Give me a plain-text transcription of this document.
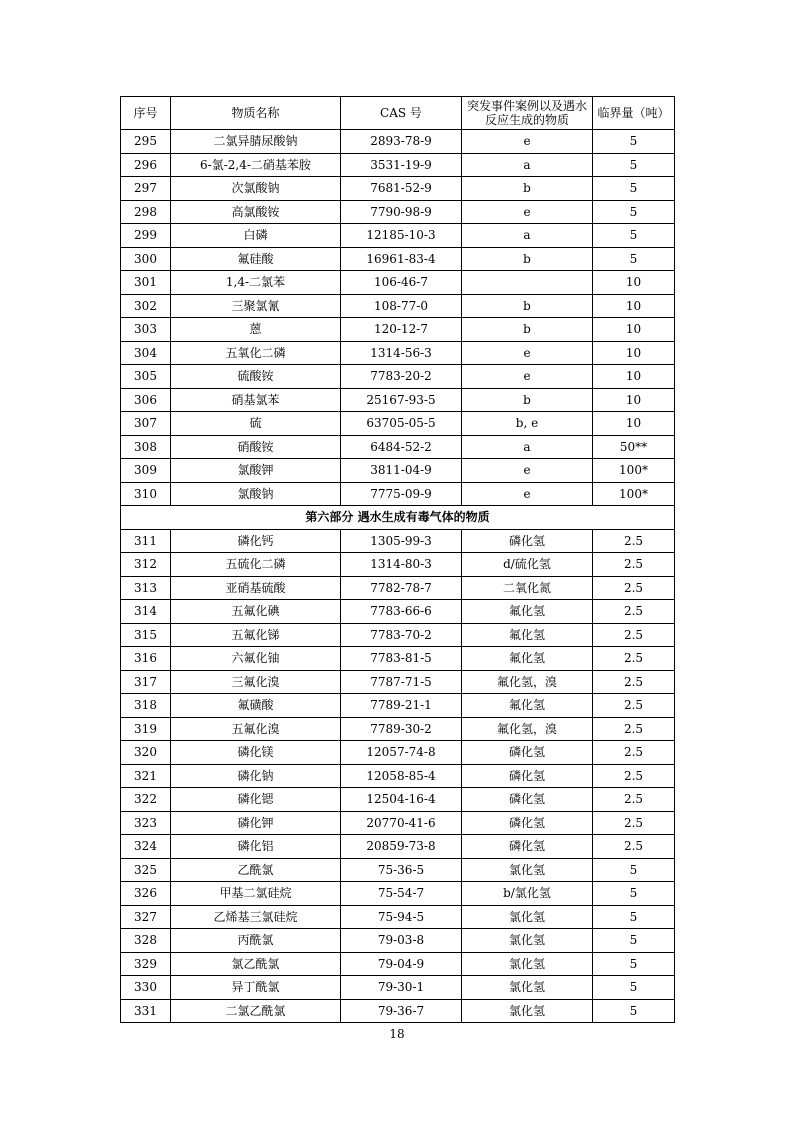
序号	物质名称	CAS 号	突发事件案例以及遇水反应生成的物质	临界量（吨）
295	二氯异腈尿酸钠	2893-78-9	e	5
296	6-氯-2,4-二硝基苯胺	3531-19-9	a	5
297	次氯酸钠	7681-52-9	b	5
298	高氯酸铵	7790-98-9	e	5
299	白磷	12185-10-3	a	5
300	氟硅酸	16961-83-4	b	5
301	1,4-二氯苯	106-46-7		10
302	三聚氯氰	108-77-0	b	10
303	蒽	120-12-7	b	10
304	五氧化二磷	1314-56-3	e	10
305	硫酸铵	7783-20-2	e	10
306	硝基氯苯	25167-93-5	b	10
307	硫	63705-05-5	b, e	10
308	硝酸铵	6484-52-2	a	50**
309	氯酸钾	3811-04-9	e	100*
310	氯酸钠	7775-09-9	e	100*
第六部分 遇水生成有毒气体的物质				
311	磷化钙	1305-99-3	磷化氢	2.5
312	五硫化二磷	1314-80-3	d/硫化氢	2.5
313	亚硝基硫酸	7782-78-7	二氧化氮	2.5
314	五氟化碘	7783-66-6	氟化氢	2.5
315	五氟化锑	7783-70-2	氟化氢	2.5
316	六氟化铀	7783-81-5	氟化氢	2.5
317	三氟化溴	7787-71-5	氟化氢，溴	2.5
318	氟磺酸	7789-21-1	氟化氢	2.5
319	五氟化溴	7789-30-2	氟化氢，溴	2.5
320	磷化镁	12057-74-8	磷化氢	2.5
321	磷化钠	12058-85-4	磷化氢	2.5
322	磷化锶	12504-16-4	磷化氢	2.5
323	磷化钾	20770-41-6	磷化氢	2.5
324	磷化铝	20859-73-8	磷化氢	2.5
325	乙酰氯	75-36-5	氯化氢	5
326	甲基二氯硅烷	75-54-7	b/氯化氢	5
327	乙烯基三氯硅烷	75-94-5	氯化氢	5
328	丙酰氯	79-03-8	氯化氢	5
329	氯乙酰氯	79-04-9	氯化氢	5
330	异丁酰氯	79-30-1	氯化氢	5
331	二氯乙酰氯	79-36-7	氯化氢	5
18
